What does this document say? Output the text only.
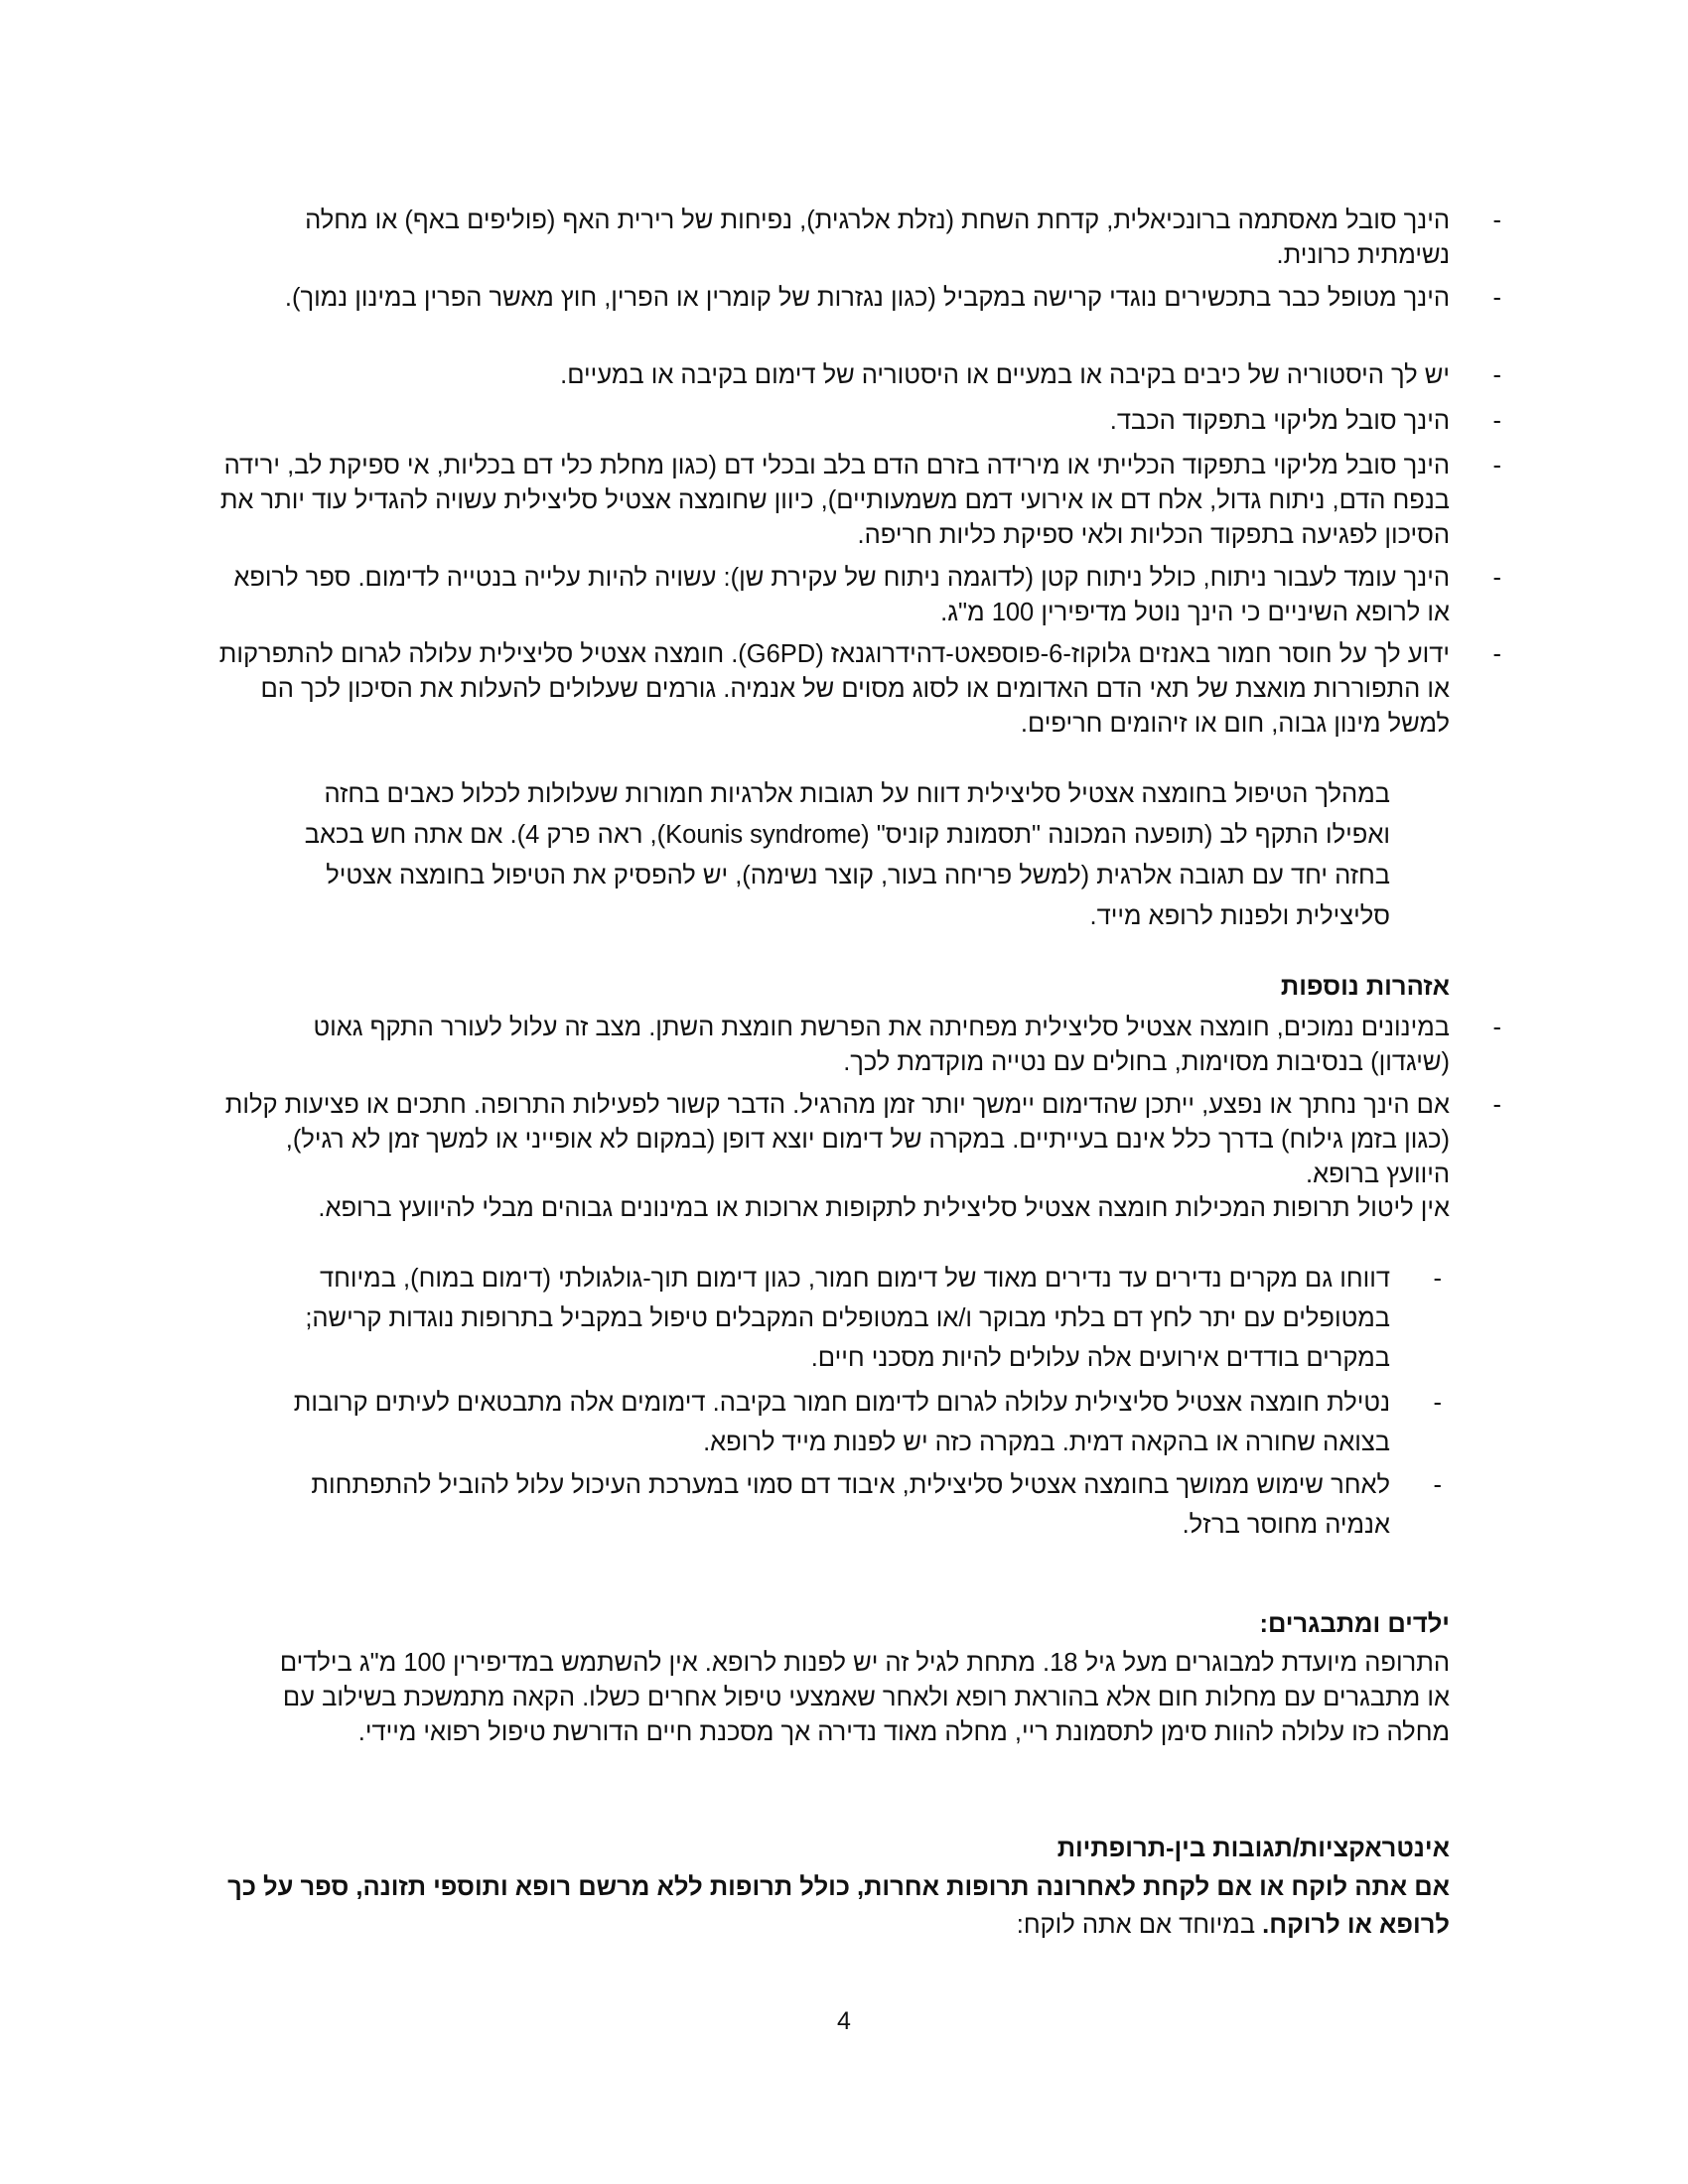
-

הינך סובל מאסתמה ברונכיאלית, קדחת השחת (נזלת אלרגית), נפיחות של רירית האף (פוליפים באף) או מחלה נשימתית כרונית.

-

הינך מטופל כבר בתכשירים נוגדי קרישה במקביל (כגון נגזרות של קומרין או הפרין, חוץ מאשר הפרין במינון נמוך).

-

יש לך היסטוריה של כיבים בקיבה או במעיים או היסטוריה של דימום בקיבה או במעיים.

-

הינך סובל מליקוי בתפקוד הכבד.

-

הינך סובל מליקוי בתפקוד הכלייתי או מירידה בזרם הדם בלב ובכלי דם (כגון מחלת כלי דם בכליות, אי ספיקת לב, ירידה בנפח הדם, ניתוח גדול, אלח דם או אירועי דמם משמעותיים), כיוון שחומצה אצטיל סליצילית עשויה להגדיל עוד יותר את הסיכון לפגיעה בתפקוד הכליות ולאי ספיקת כליות חריפה.

-

הינך עומד לעבור ניתוח, כולל ניתוח קטן (לדוגמה ניתוח של עקירת שן): עשויה להיות עלייה בנטייה לדימום. ספר לרופא או לרופא השיניים כי הינך נוטל מדיפירין 100 מ"ג.

-

ידוע לך על חוסר חמור באנזים גלוקוז-6-פוספאט-דהידרוגנאז (G6PD). חומצה אצטיל סליצילית עלולה לגרום להתפרקות או התפוררות מואצת של תאי הדם האדומים או לסוג מסוים של אנמיה. גורמים שעלולים להעלות את הסיכון לכך הם למשל מינון גבוה, חום או זיהומים חריפים.

במהלך הטיפול בחומצה אצטיל סליצילית דווח על תגובות אלרגיות חמורות שעלולות לכלול כאבים בחזה ואפילו התקף לב (תופעה המכונה "תסמונת קוניס" (Kounis syndrome), ראה פרק 4). אם אתה חש בכאב בחזה יחד עם תגובה אלרגית (למשל פריחה בעור, קוצר נשימה), יש להפסיק את הטיפול בחומצה אצטיל סליצילית ולפנות לרופא מייד.
אזהרות נוספות
-

במינונים נמוכים, חומצה אצטיל סליצילית מפחיתה את הפרשת חומצת השתן. מצב זה עלול לעורר התקף גאוט (שיגדון) בנסיבות מסוימות, בחולים עם נטייה מוקדמת לכך.

-

אם הינך נחתך או נפצע, ייתכן שהדימום יימשך יותר זמן מהרגיל. הדבר קשור לפעילות התרופה. חתכים או פציעות קלות (כגון בזמן גילוח) בדרך כלל אינם בעייתיים. במקרה של דימום יוצא דופן (במקום לא אופייני או למשך זמן לא רגיל), היוועץ ברופא.

אין ליטול תרופות המכילות חומצה אצטיל סליצילית לתקופות ארוכות או במינונים גבוהים מבלי להיוועץ ברופא.
-

דווחו גם מקרים נדירים עד נדירים מאוד של דימום חמור, כגון דימום תוך-גולגולתי (דימום במוח), במיוחד במטופלים עם יתר לחץ דם בלתי מבוקר ו/או במטופלים המקבלים טיפול במקביל בתרופות נוגדות קרישה; במקרים בודדים אירועים אלה עלולים להיות מסכני חיים.

-

נטילת חומצה אצטיל סליצילית עלולה לגרום לדימום חמור בקיבה. דימומים אלה מתבטאים לעיתים קרובות בצואה שחורה או בהקאה דמית. במקרה כזה יש לפנות מייד לרופא.

-

לאחר שימוש ממושך בחומצה אצטיל סליצילית, איבוד דם סמוי במערכת העיכול עלול להוביל להתפתחות אנמיה מחוסר ברזל.

ילדים ומתבגרים:
התרופה מיועדת למבוגרים מעל גיל 18. מתחת לגיל זה יש לפנות לרופא. אין להשתמש במדיפירין 100 מ"ג בילדים או מתבגרים עם מחלות חום אלא בהוראת רופא ולאחר שאמצעי טיפול אחרים כשלו. הקאה מתמשכת בשילוב עם מחלה כזו עלולה להוות סימן לתסמונת ריי, מחלה מאוד נדירה אך מסכנת חיים הדורשת טיפול רפואי מיידי.
אינטראקציות/תגובות בין-תרופתיות
אם אתה לוקח או אם לקחת לאחרונה תרופות אחרות, כולל תרופות ללא מרשם רופא ותוספי תזונה, ספר על כך לרופא או לרוקח. במיוחד אם אתה לוקח:
4
